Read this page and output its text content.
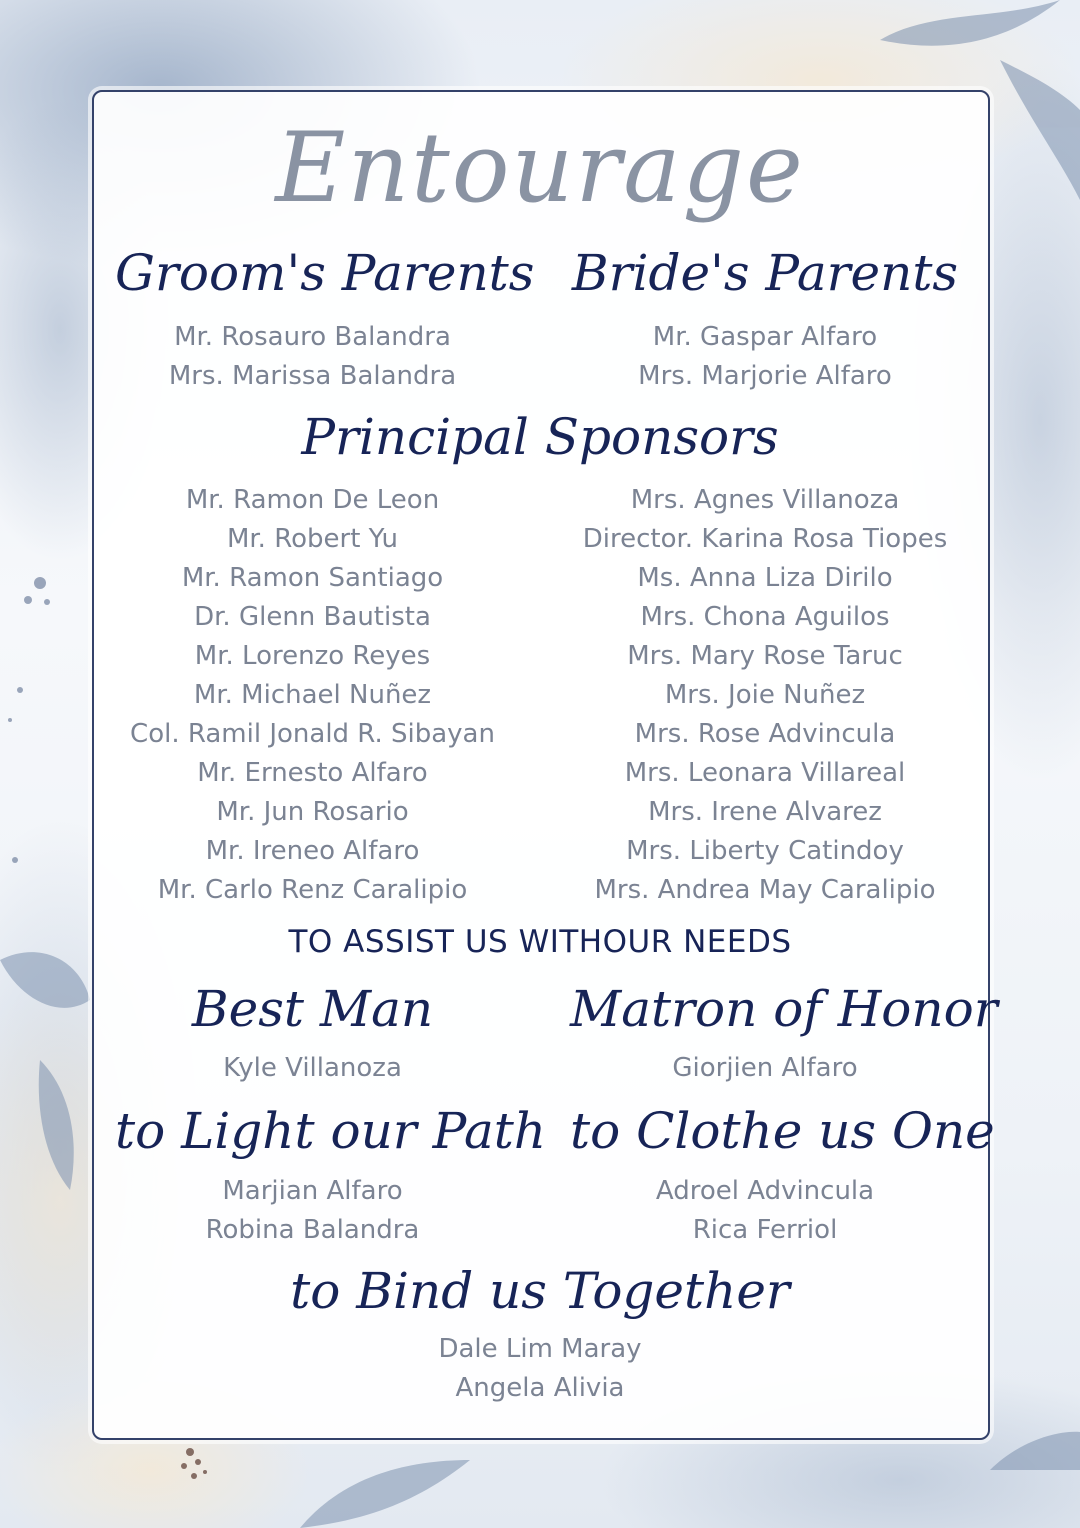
Entourage
Groom's Parents
Mr. Rosauro Balandra
Mrs. Marissa Balandra
Bride's Parents
Mr. Gaspar Alfaro
Mrs. Marjorie Alfaro
Principal Sponsors
Mr. Ramon De Leon
Mr. Robert Yu
Mr. Ramon Santiago
Dr. Glenn Bautista
Mr. Lorenzo Reyes
Mr. Michael Nuñez
Col. Ramil Jonald R. Sibayan
Mr. Ernesto Alfaro
Mr. Jun Rosario
Mr. Ireneo Alfaro
Mr. Carlo Renz Caralipio
Mrs. Agnes Villanoza
Director. Karina Rosa Tiopes
Ms. Anna Liza Dirilo
Mrs. Chona Aguilos
Mrs. Mary Rose Taruc
Mrs. Joie Nuñez
Mrs. Rose Advincula
Mrs. Leonara Villareal
Mrs. Irene Alvarez
Mrs. Liberty Catindoy
Mrs. Andrea May Caralipio
TO ASSIST US WITHOUR NEEDS
Best Man
Kyle Villanoza
Matron of Honor
Giorjien Alfaro
to Light our Path
Marjian Alfaro
Robina Balandra
to Clothe us One
Adroel Advincula
Rica Ferriol
to Bind us Together
Dale Lim Maray
Angela Alivia
